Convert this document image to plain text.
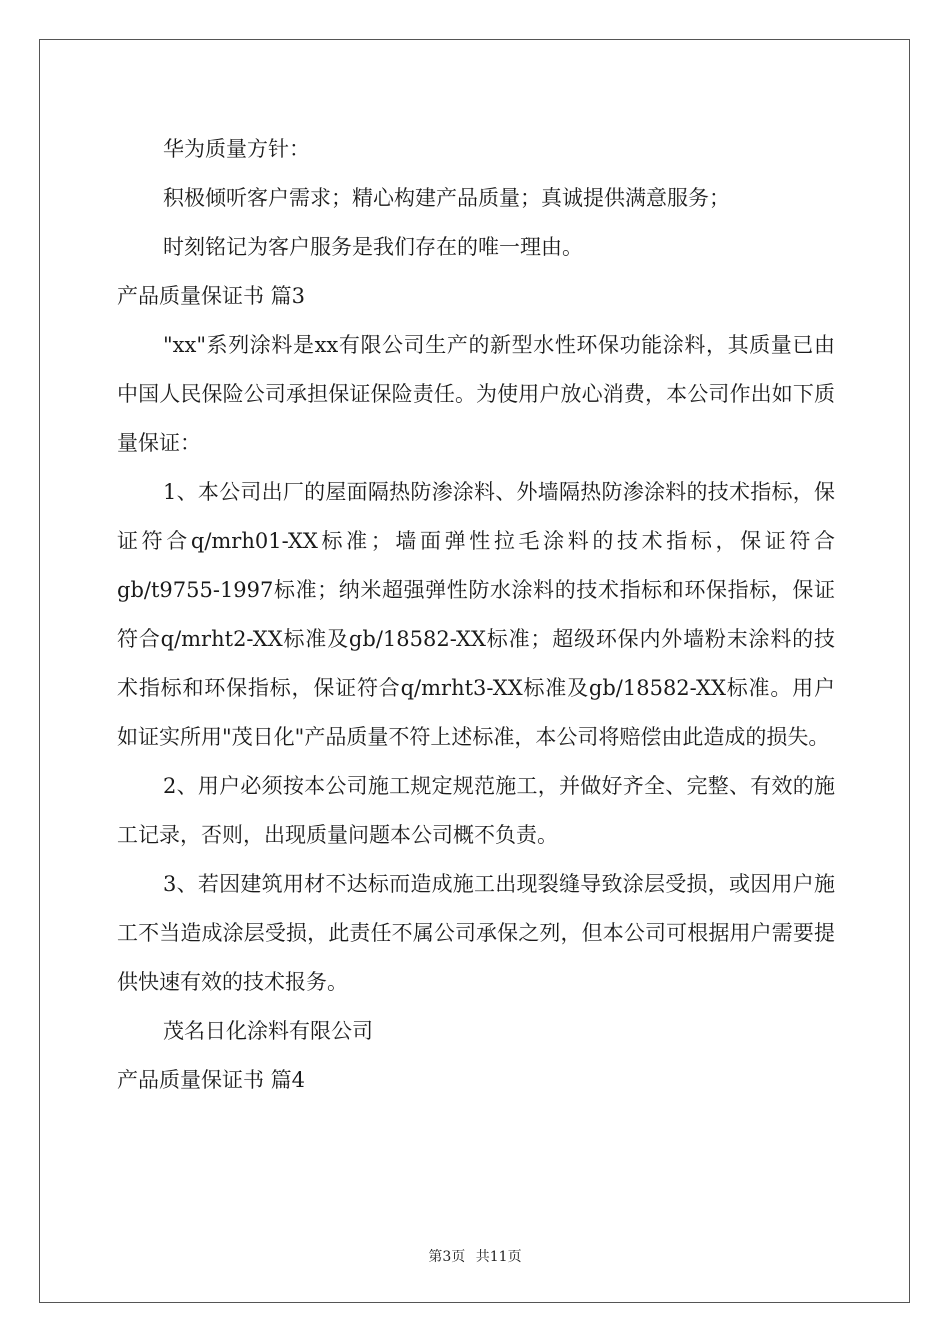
华为质量方针：

积极倾听客户需求；精心构建产品质量；真诚提供满意服务；

时刻铭记为客户服务是我们存在的唯一理由。

产品质量保证书 篇3

"xx"系列涂料是xx有限公司生产的新型水性环保功能涂料，其质量已由中国人民保险公司承担保证保险责任。为使用户放心消费，本公司作出如下质量保证：

1、本公司出厂的屋面隔热防渗涂料、外墙隔热防渗涂料的技术指标，保证符合q/mrh01-XX标准；墙面弹性拉毛涂料的技术指标，保证符合gb/t9755-1997标准；纳米超强弹性防水涂料的技术指标和环保指标，保证符合q/mrht2-XX标准及gb/18582-XX标准；超级环保内外墙粉末涂料的技术指标和环保指标，保证符合q/mrht3-XX标准及gb/18582-XX标准。用户如证实所用"茂日化"产品质量不符上述标准，本公司将赔偿由此造成的损失。

2、用户必须按本公司施工规定规范施工，并做好齐全、完整、有效的施工记录，否则，出现质量问题本公司概不负责。

3、若因建筑用材不达标而造成施工出现裂缝导致涂层受损，或因用户施工不当造成涂层受损，此责任不属公司承保之列，但本公司可根据用户需要提供快速有效的技术报务。

茂名日化涂料有限公司

产品质量保证书 篇4

第3页 共11页
